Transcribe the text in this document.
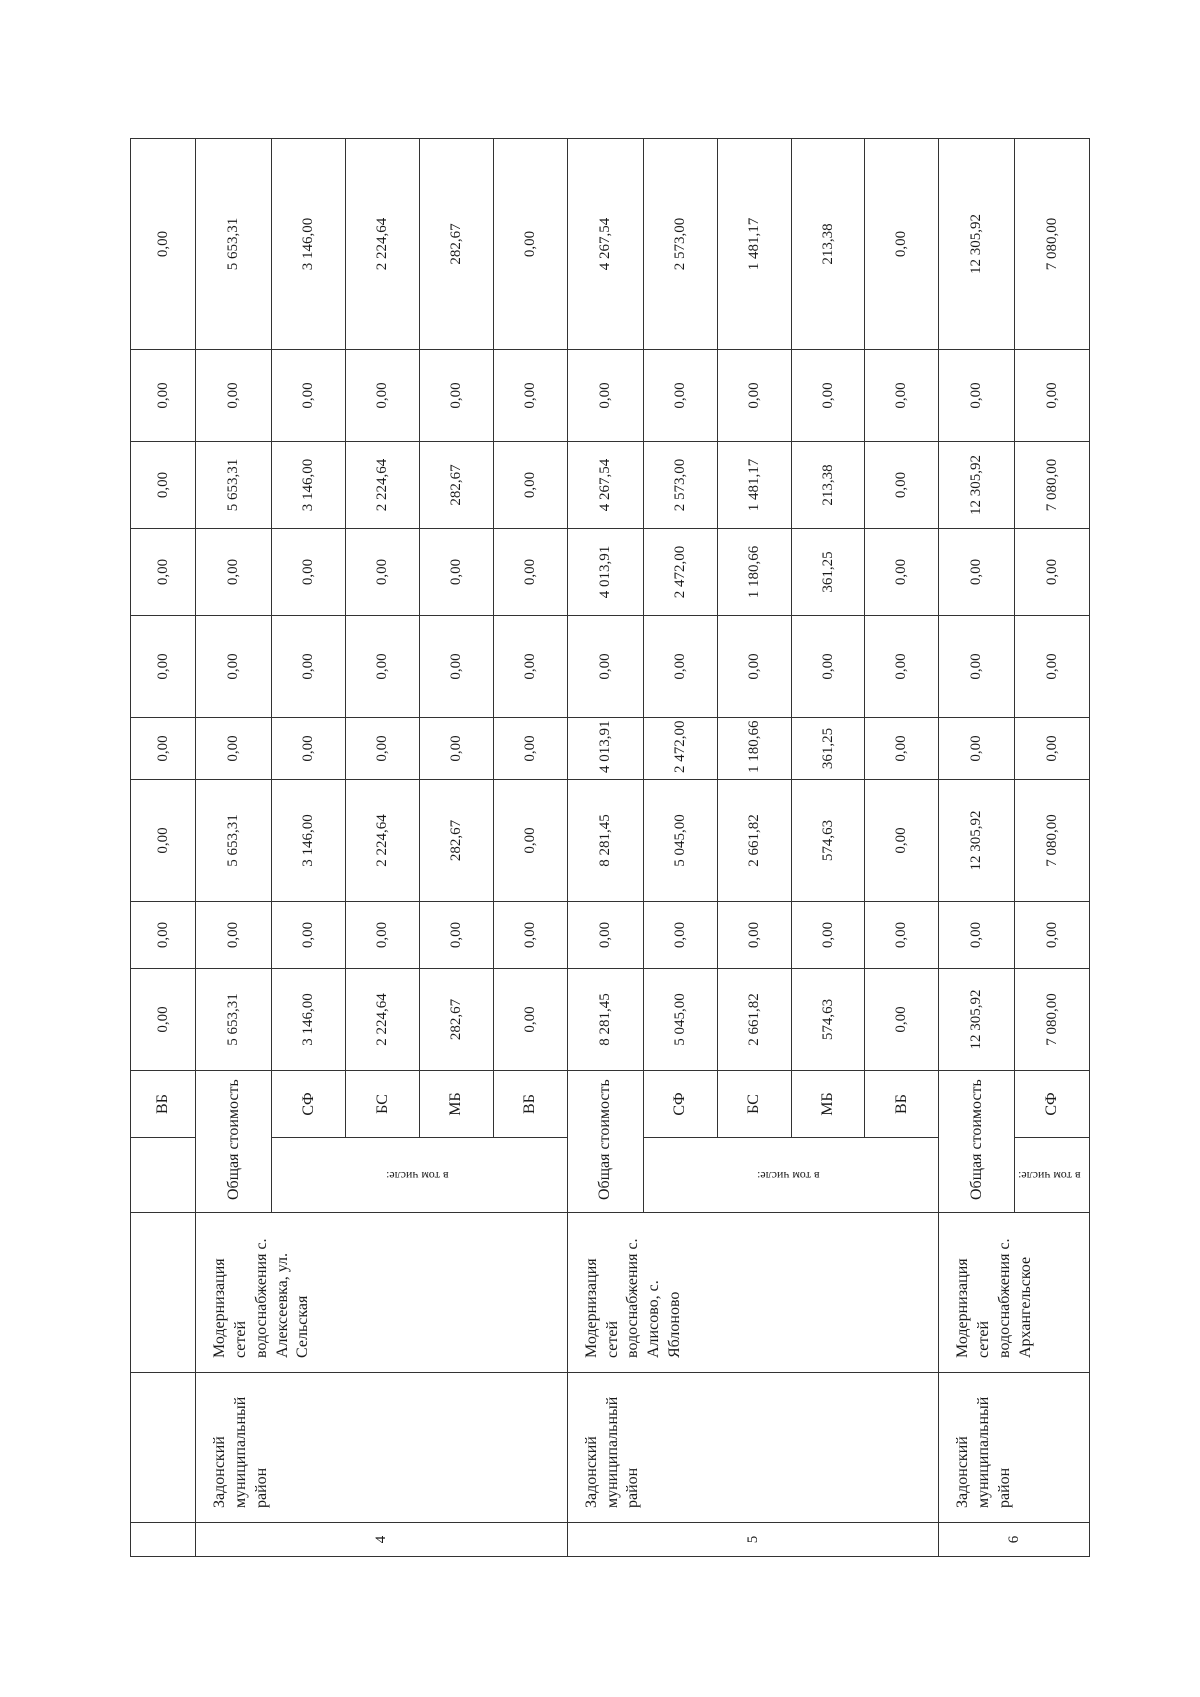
				ВБ	0,00	0,00	0,00	0,00	0,00	0,00	0,00	0,00	0,00
4	Задонский муниципальный район	Модернизация сетей водоснабжения с. Алексеевка, ул. Сельская	Общая стоимость		5 653,31	0,00	5 653,31	0,00	0,00	0,00	5 653,31	0,00	5 653,31
			в том числе:	СФ	3 146,00	0,00	3 146,00	0,00	0,00	0,00	3 146,00	0,00	3 146,00
				БС	2 224,64	0,00	2 224,64	0,00	0,00	0,00	2 224,64	0,00	2 224,64
				МБ	282,67	0,00	282,67	0,00	0,00	0,00	282,67	0,00	282,67
				ВБ	0,00	0,00	0,00	0,00	0,00	0,00	0,00	0,00	0,00
5	Задонский муниципальный район	Модернизация сетей водоснабжения с. Алисово, с. Яблоново	Общая стоимость		8 281,45	0,00	8 281,45	4 013,91	0,00	4 013,91	4 267,54	0,00	4 267,54
			в том числе:	СФ	5 045,00	0,00	5 045,00	2 472,00	0,00	2 472,00	2 573,00	0,00	2 573,00
				БС	2 661,82	0,00	2 661,82	1 180,66	0,00	1 180,66	1 481,17	0,00	1 481,17
				МБ	574,63	0,00	574,63	361,25	0,00	361,25	213,38	0,00	213,38
				ВБ	0,00	0,00	0,00	0,00	0,00	0,00	0,00	0,00	0,00
6	Задонский муниципальный район	Модернизация сетей водоснабжения с. Архангельское	Общая стоимость		12 305,92	0,00	12 305,92	0,00	0,00	0,00	12 305,92	0,00	12 305,92
			в том числе:	СФ	7 080,00	0,00	7 080,00	0,00	0,00	0,00	7 080,00	0,00	7 080,00
